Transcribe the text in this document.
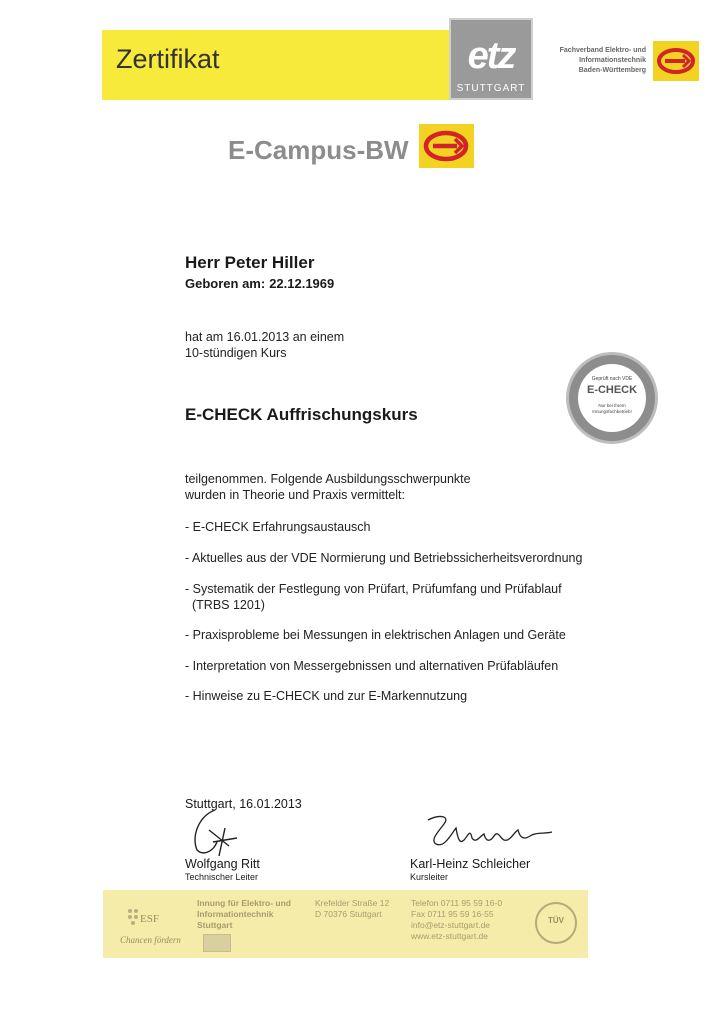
Zertifikat	etz
STUTTGART
Fachverband Elektro- und
Informationstechnik
Baden-Württemberg
E-Campus-BW
Herr Peter Hiller
Geboren am: 22.12.1969
hat am 16.01.2013 an einem
10-stündigen Kurs
E-CHECK Auffrischungskurs
Geprüft nach VDE
E-CHECK
Nur bei Ihrem Innungsfachbetrieb!
teilgenommen. Folgende Ausbildungsschwerpunkte
wurden in Theorie und Praxis vermittelt:
- E-CHECK Erfahrungsaustausch
- Aktuelles aus der VDE Normierung und Betriebssicherheitsverordnung
- Systematik der Festlegung von Prüfart, Prüfumfang und Prüfablauf
(TRBS 1201)
- Praxisprobleme bei Messungen in elektrischen Anlagen und Geräte
- Interpretation von Messergebnissen und alternativen Prüfabläufen
- Hinweise zu E-CHECK und zur E-Markennutzung
Stuttgart, 16.01.2013
Wolfgang Ritt
Technischer Leiter
Karl-Heinz Schleicher
Kursleiter
ESF
Chancen fördern
Innung für Elektro- und
Informationtechnik
Stuttgart
Krefelder Straße 12
D 70376 Stuttgart
Telefon 0711 95 59 16-0
Fax 0711 95 59 16-55
info@etz-stuttgart.de
www.etz-stuttgart.de
TÜV
